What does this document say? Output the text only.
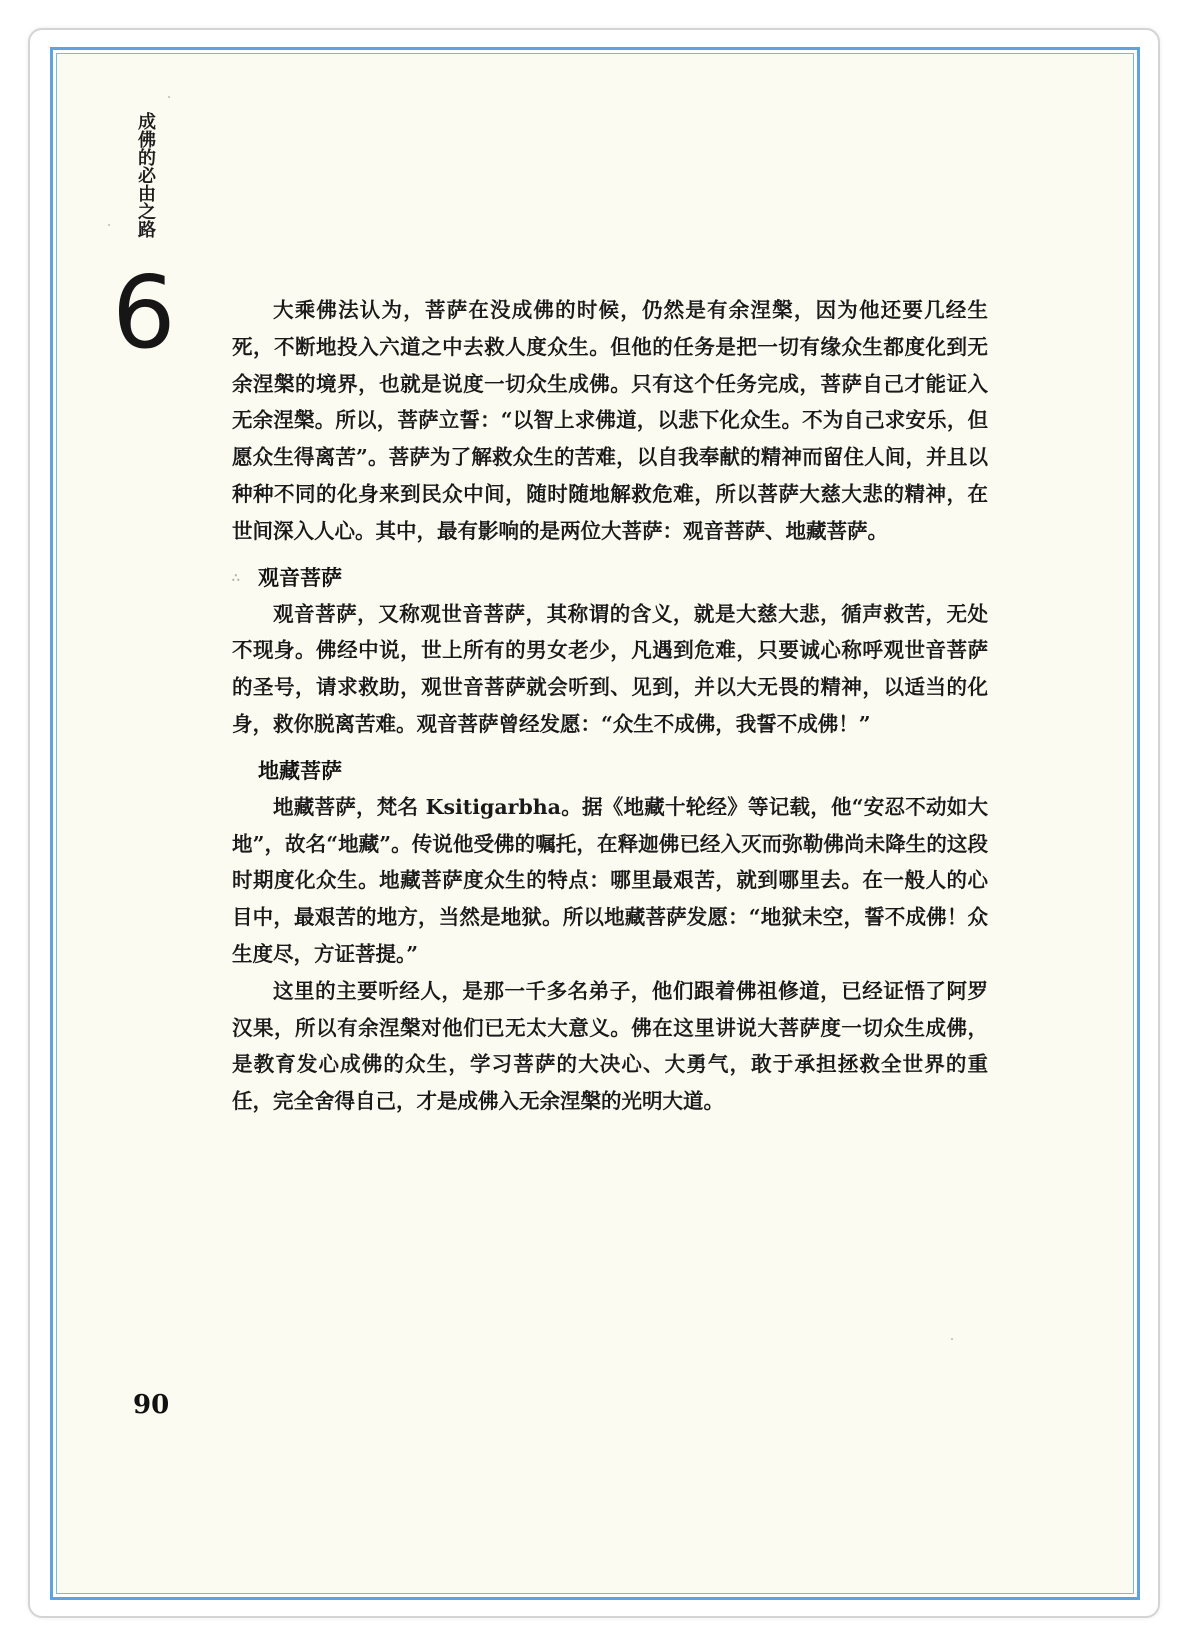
成佛的必由之路
6	大乘佛法认为，菩萨在没成佛的时候，仍然是有余涅槃，因为他还要几经生死，不断地投入六道之中去救人度众生。但他的任务是把一切有缘众生都度化到无余涅槃的境界，也就是说度一切众生成佛。只有这个任务完成，菩萨自己才能证入无余涅槃。所以，菩萨立誓：“以智上求佛道，以悲下化众生。不为自己求安乐，但愿众生得离苦”。菩萨为了解救众生的苦难，以自我奉献的精神而留住人间，并且以种种不同的化身来到民众中间，随时随地解救危难，所以菩萨大慈大悲的精神，在世间深入人心。其中，最有影响的是两位大菩萨：观音菩萨、地藏菩萨。

∴ 观音菩萨

观音菩萨，又称观世音菩萨，其称谓的含义，就是大慈大悲，循声救苦，无处不现身。佛经中说，世上所有的男女老少，凡遇到危难，只要诚心称呼观世音菩萨的圣号，请求救助，观世音菩萨就会听到、见到，并以大无畏的精神，以适当的化身，救你脱离苦难。观音菩萨曾经发愿：“众生不成佛，我誓不成佛！”

地藏菩萨

地藏菩萨，梵名 Ksitigarbha。据《地藏十轮经》等记载，他“安忍不动如大地”，故名“地藏”。传说他受佛的嘱托，在释迦佛已经入灭而弥勒佛尚未降生的这段时期度化众生。地藏菩萨度众生的特点：哪里最艰苦，就到哪里去。在一般人的心目中，最艰苦的地方，当然是地狱。所以地藏菩萨发愿：“地狱未空，誓不成佛！众生度尽，方证菩提。”

这里的主要听经人，是那一千多名弟子，他们跟着佛祖修道，已经证悟了阿罗汉果，所以有余涅槃对他们已无太大意义。佛在这里讲说大菩萨度一切众生成佛，是教育发心成佛的众生，学习菩萨的大决心、大勇气，敢于承担拯救全世界的重任，完全舍得自己，才是成佛入无余涅槃的光明大道。

90
